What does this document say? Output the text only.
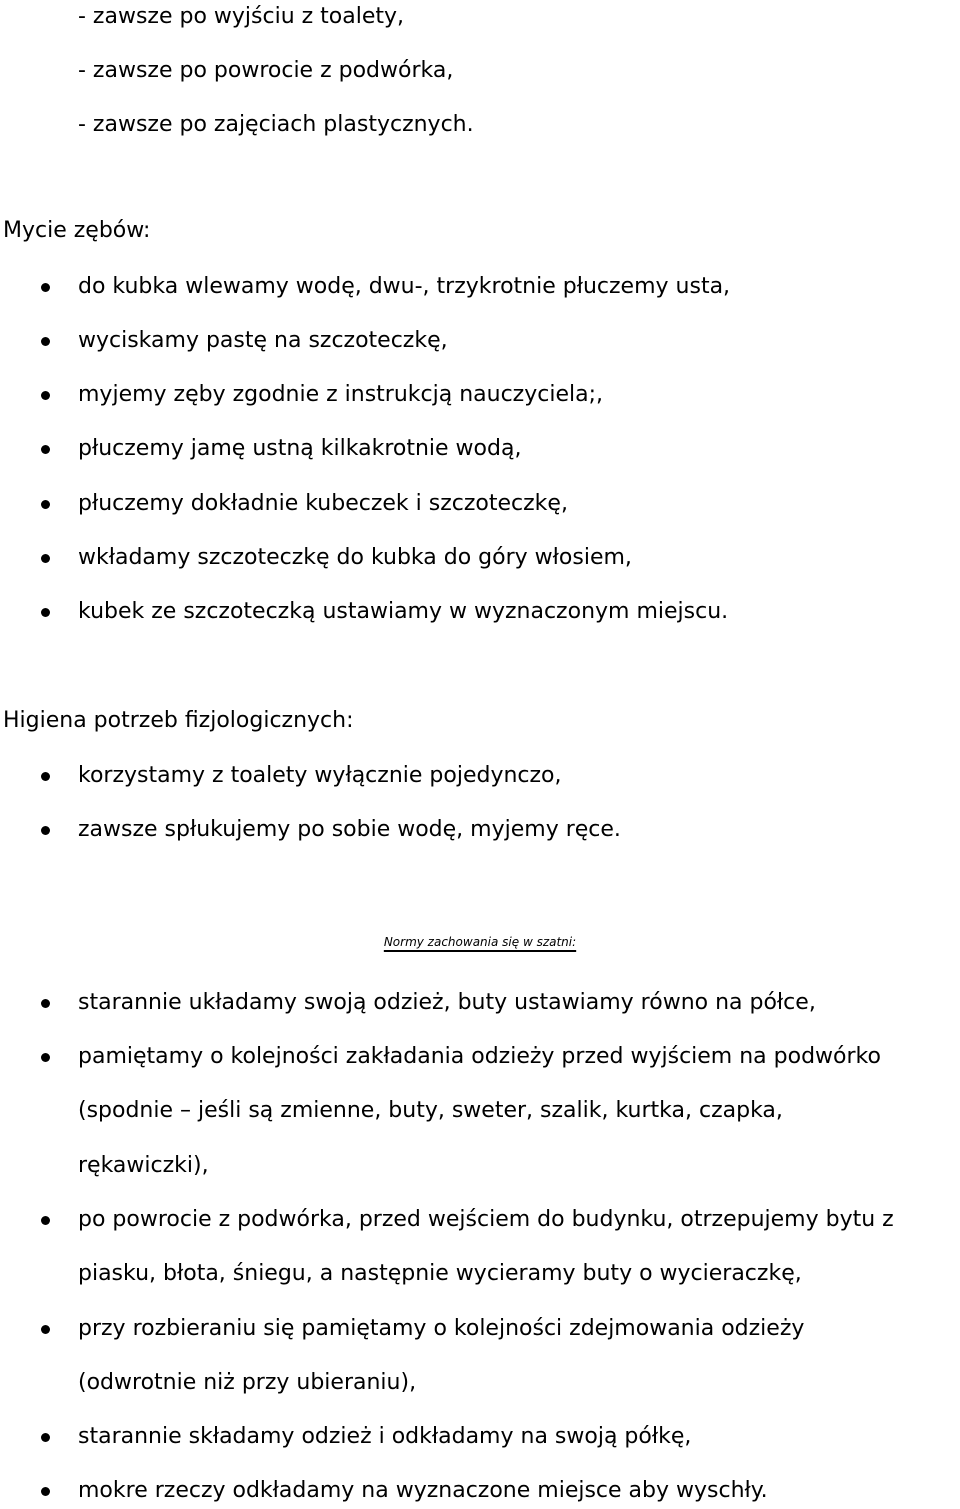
- zawsze po wyjściu z toalety,
- zawsze po powrocie z podwórka,
- zawsze po zajęciach plastycznych.
Mycie zębów:
do kubka wlewamy wodę, dwu-, trzykrotnie płuczemy usta,
wyciskamy pastę na szczoteczkę,
myjemy zęby zgodnie z instrukcją nauczyciela;,
płuczemy jamę ustną kilkakrotnie wodą,
płuczemy dokładnie kubeczek i szczoteczkę,
wkładamy szczoteczkę do kubka do góry włosiem,
kubek ze szczoteczką ustawiamy w wyznaczonym miejscu.
Higiena potrzeb fizjologicznych:
korzystamy z toalety wyłącznie pojedynczo,
zawsze spłukujemy po sobie wodę, myjemy ręce.
Normy zachowania się w szatni:
starannie układamy swoją odzież, buty ustawiamy równo na półce,
pamiętamy o kolejności zakładania odzieży przed wyjściem na podwórko
(spodnie – jeśli są zmienne, buty, sweter, szalik, kurtka, czapka,
rękawiczki),
po powrocie z podwórka, przed wejściem do budynku, otrzepujemy bytu z
piasku, błota, śniegu, a następnie wycieramy buty o wycieraczkę,
przy rozbieraniu się pamiętamy o kolejności zdejmowania odzieży
(odwrotnie niż przy ubieraniu),
starannie składamy odzież i odkładamy na swoją półkę,
mokre rzeczy odkładamy na wyznaczone miejsce aby wyschły.
